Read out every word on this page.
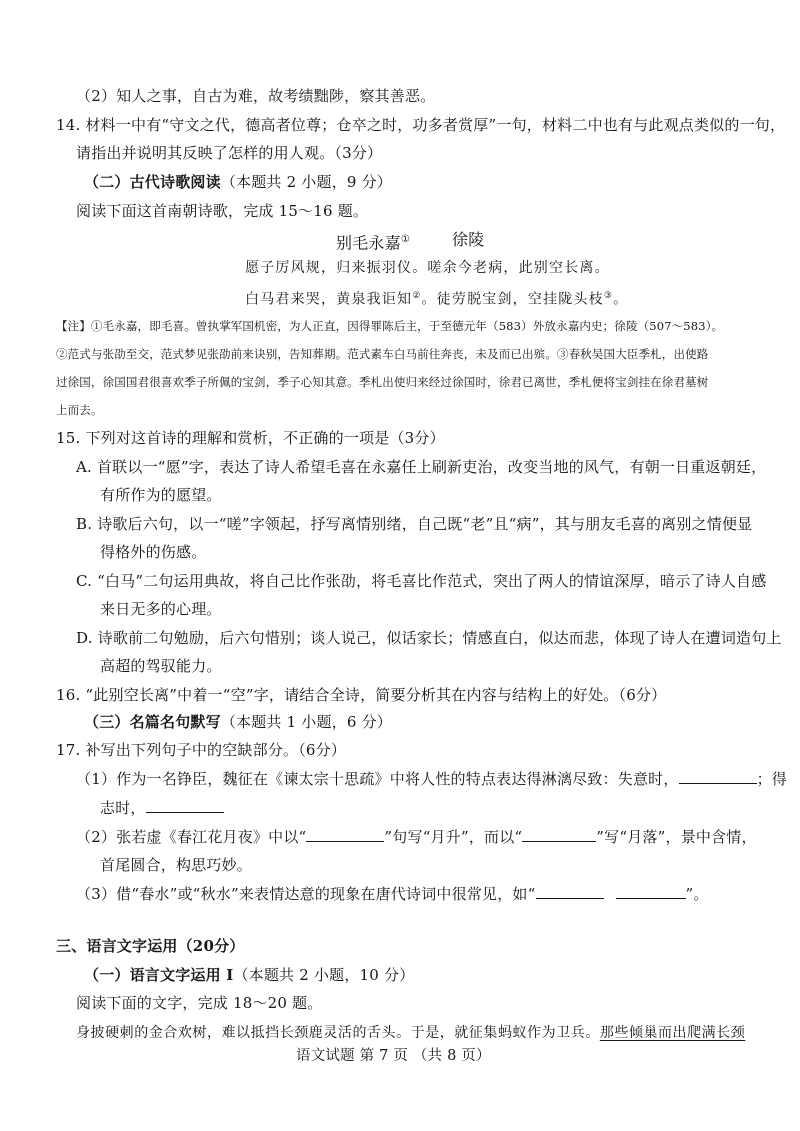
（2）知人之事，自古为难，故考绩黜陟，察其善恶。
14. 材料一中有“守文之代，德高者位尊；仓卒之时，功多者赏厚”一句，材料二中也有与此观点类似的一句，
请指出并说明其反映了怎样的用人观。（3分）
（二）古代诗歌阅读（本题共 2 小题，9 分）
阅读下面这首南朝诗歌，完成 15～16 题。
别毛永嘉①	徐陵
愿子厉风规，归来振羽仪。嗟余今老病，此别空长离。
白马君来哭，黄泉我讵知②。徒劳脱宝剑，空挂陇头枝③。
【注】①毛永嘉，即毛喜。曾执掌军国机密，为人正直，因得罪陈后主，于至德元年（583）外放永嘉内史；徐陵（507～583）。
②范式与张劭至交，范式梦见张劭前来诀别，告知葬期。范式素车白马前往奔丧，未及而已出殡。③春秋吴国大臣季札，出使路
过徐国，徐国国君很喜欢季子所佩的宝剑，季子心知其意。季札出使归来经过徐国时，徐君已离世，季札便将宝剑挂在徐君墓树
上而去。
15. 下列对这首诗的理解和赏析，不正确的一项是（3分）
A. 首联以一“愿”字，表达了诗人希望毛喜在永嘉任上刷新吏治，改变当地的风气，有朝一日重返朝廷，
有所作为的愿望。
B. 诗歌后六句，以一“嗟”字领起，抒写离情别绪，自己既“老”且“病”，其与朋友毛喜的离别之情便显
得格外的伤感。
C. “白马”二句运用典故，将自己比作张劭，将毛喜比作范式，突出了两人的情谊深厚，暗示了诗人自感
来日无多的心理。
D. 诗歌前二句勉励，后六句惜别；谈人说己，似话家长；情感直白，似达而悲，体现了诗人在遭词造句上
高超的驾驭能力。
16. “此别空长离”中着一“空”字，请结合全诗，简要分析其在内容与结构上的好处。（6分）
（三）名篇名句默写（本题共 1 小题，6 分）
17. 补写出下列句子中的空缺部分。（6分）
（1）作为一名铮臣，魏征在《谏太宗十思疏》中将人性的特点表达得淋漓尽致：失意时，	；得
志时，
（2）张若虚《春江花月夜》中以“	”句写“月升”，而以“	”写“月落”，景中含情，
首尾圆合，构思巧妙。
（3）借“春水”或“秋水”来表情达意的现象在唐代诗词中很常见，如“	”。
三、语言文字运用（20分）
（一）语言文字运用 I（本题共 2 小题，10 分）
阅读下面的文字，完成 18～20 题。
身披硬刺的金合欢树，难以抵挡长颈鹿灵活的舌头。于是，就征集蚂蚁作为卫兵。那些倾巢而出爬满长颈
语文试题 第 7 页 （共 8 页）
